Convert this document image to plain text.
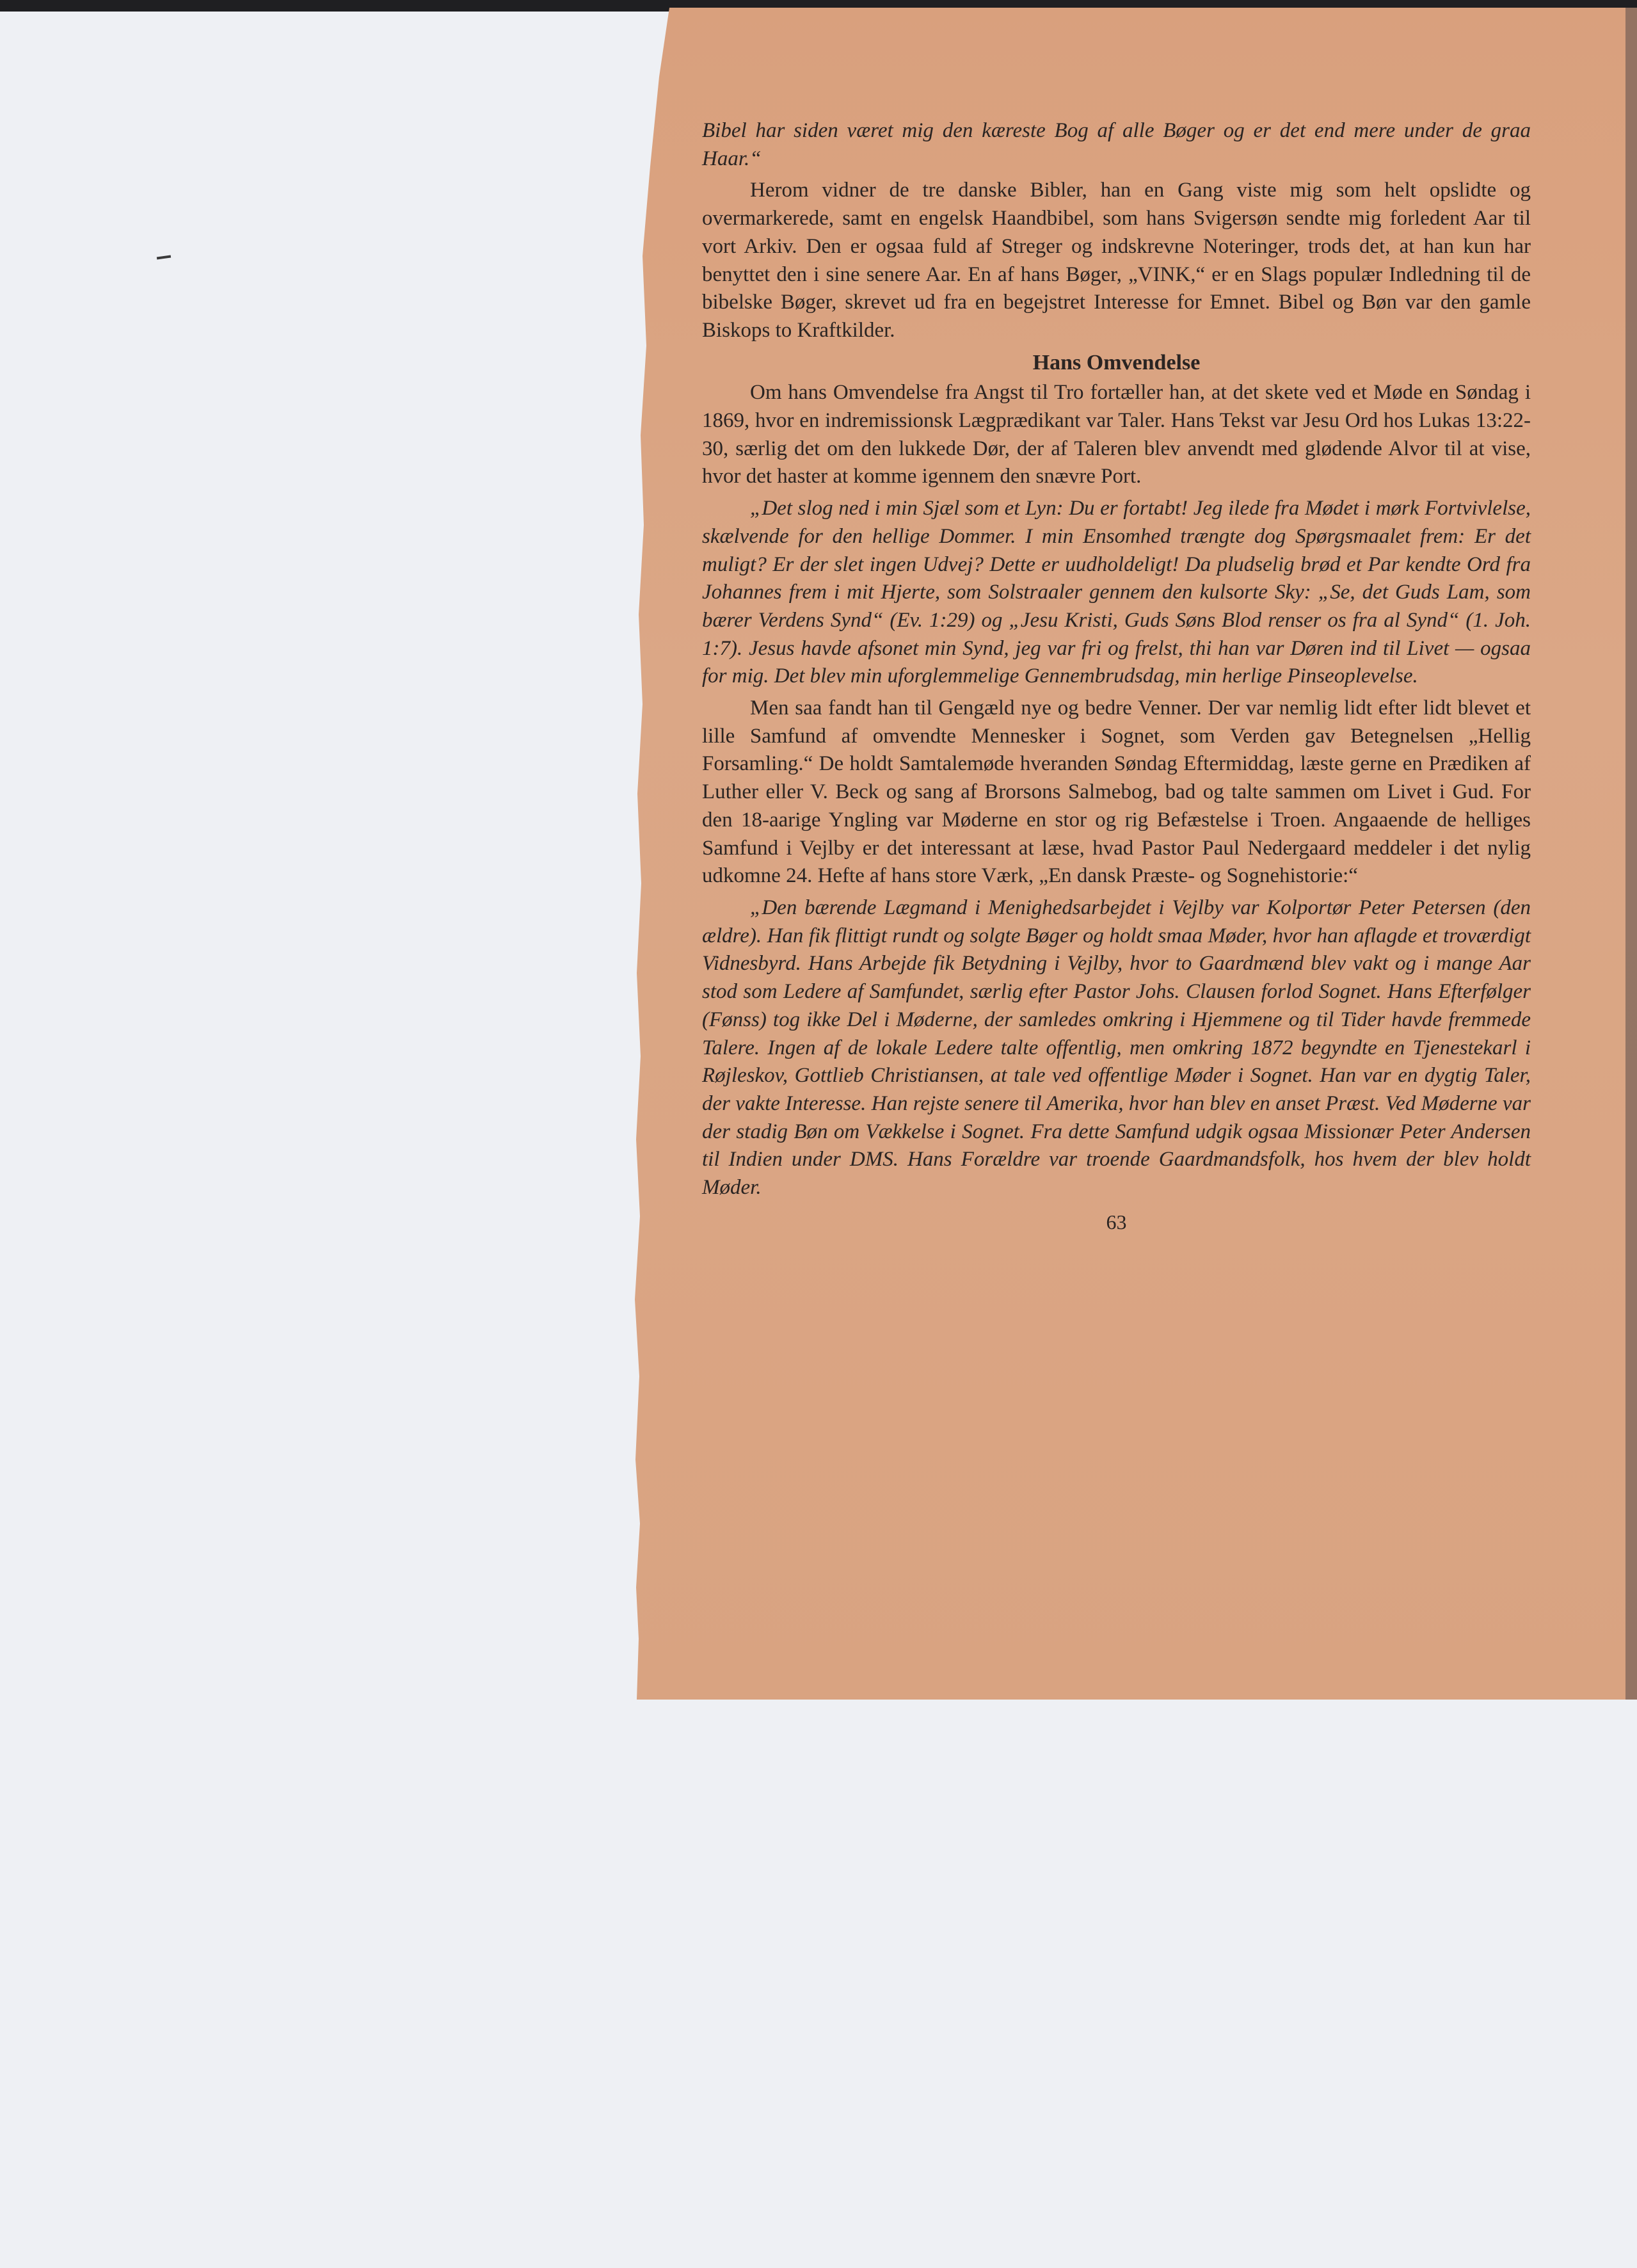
Bibel har siden været mig den kæreste Bog af alle Bøger og er det end mere under de graa Haar.“

Herom vidner de tre danske Bibler, han en Gang viste mig som helt opslidte og overmarkerede, samt en engelsk Haandbibel, som hans Svigersøn sendte mig forledent Aar til vort Arkiv. Den er ogsaa fuld af Streger og indskrevne Noteringer, trods det, at han kun har benyttet den i sine senere Aar. En af hans Bøger, „VINK,“ er en Slags populær Indledning til de bibelske Bøger, skrevet ud fra en begejstret Interesse for Emnet. Bibel og Bøn var den gamle Biskops to Kraftkilder.

Hans Omvendelse

Om hans Omvendelse fra Angst til Tro fortæller han, at det skete ved et Møde en Søndag i 1869, hvor en indremissionsk Lægprædikant var Taler. Hans Tekst var Jesu Ord hos Lukas 13:22-30, særlig det om den lukkede Dør, der af Taleren blev anvendt med glødende Alvor til at vise, hvor det haster at komme igennem den snævre Port.

„Det slog ned i min Sjæl som et Lyn: Du er fortabt! Jeg ilede fra Mødet i mørk Fortvivlelse, skælvende for den hellige Dommer. I min Ensomhed trængte dog Spørgsmaalet frem: Er det muligt? Er der slet ingen Udvej? Dette er uudholdeligt! Da pludselig brød et Par kendte Ord fra Johannes frem i mit Hjerte, som Solstraaler gennem den kulsorte Sky: „Se, det Guds Lam, som bærer Verdens Synd“ (Ev. 1:29) og „Jesu Kristi, Guds Søns Blod renser os fra al Synd“ (1. Joh. 1:7). Jesus havde afsonet min Synd, jeg var fri og frelst, thi han var Døren ind til Livet — ogsaa for mig. Det blev min uforglemmelige Gennembrudsdag, min herlige Pinseoplevelse.

Men saa fandt han til Gengæld nye og bedre Venner. Der var nemlig lidt efter lidt blevet et lille Samfund af omvendte Mennesker i Sognet, som Verden gav Betegnelsen „Hellig Forsamling.“ De holdt Samtalemøde hveranden Søndag Eftermiddag, læste gerne en Prædiken af Luther eller V. Beck og sang af Brorsons Salmebog, bad og talte sammen om Livet i Gud. For den 18-aarige Yngling var Møderne en stor og rig Befæstelse i Troen. Angaaende de helliges Samfund i Vejlby er det interessant at læse, hvad Pastor Paul Nedergaard meddeler i det nylig udkomne 24. Hefte af hans store Værk, „En dansk Præste- og Sognehistorie:“

„Den bærende Lægmand i Menighedsarbejdet i Vejlby var Kolportør Peter Petersen (den ældre). Han fik flittigt rundt og solgte Bøger og holdt smaa Møder, hvor han aflagde et troværdigt Vidnesbyrd. Hans Arbejde fik Betydning i Vejlby, hvor to Gaardmænd blev vakt og i mange Aar stod som Ledere af Samfundet, særlig efter Pastor Johs. Clausen forlod Sognet. Hans Efterfølger (Fønss) tog ikke Del i Møderne, der samledes omkring i Hjemmene og til Tider havde fremmede Talere. Ingen af de lokale Ledere talte offentlig, men omkring 1872 begyndte en Tjenestekarl i Røjleskov, Gottlieb Christiansen, at tale ved offentlige Møder i Sognet. Han var en dygtig Taler, der vakte Interesse. Han rejste senere til Amerika, hvor han blev en anset Præst. Ved Møderne var der stadig Bøn om Vækkelse i Sognet. Fra dette Samfund udgik ogsaa Missionær Peter Andersen til Indien under DMS. Hans Forældre var troende Gaardmandsfolk, hos hvem der blev holdt Møder.

63
